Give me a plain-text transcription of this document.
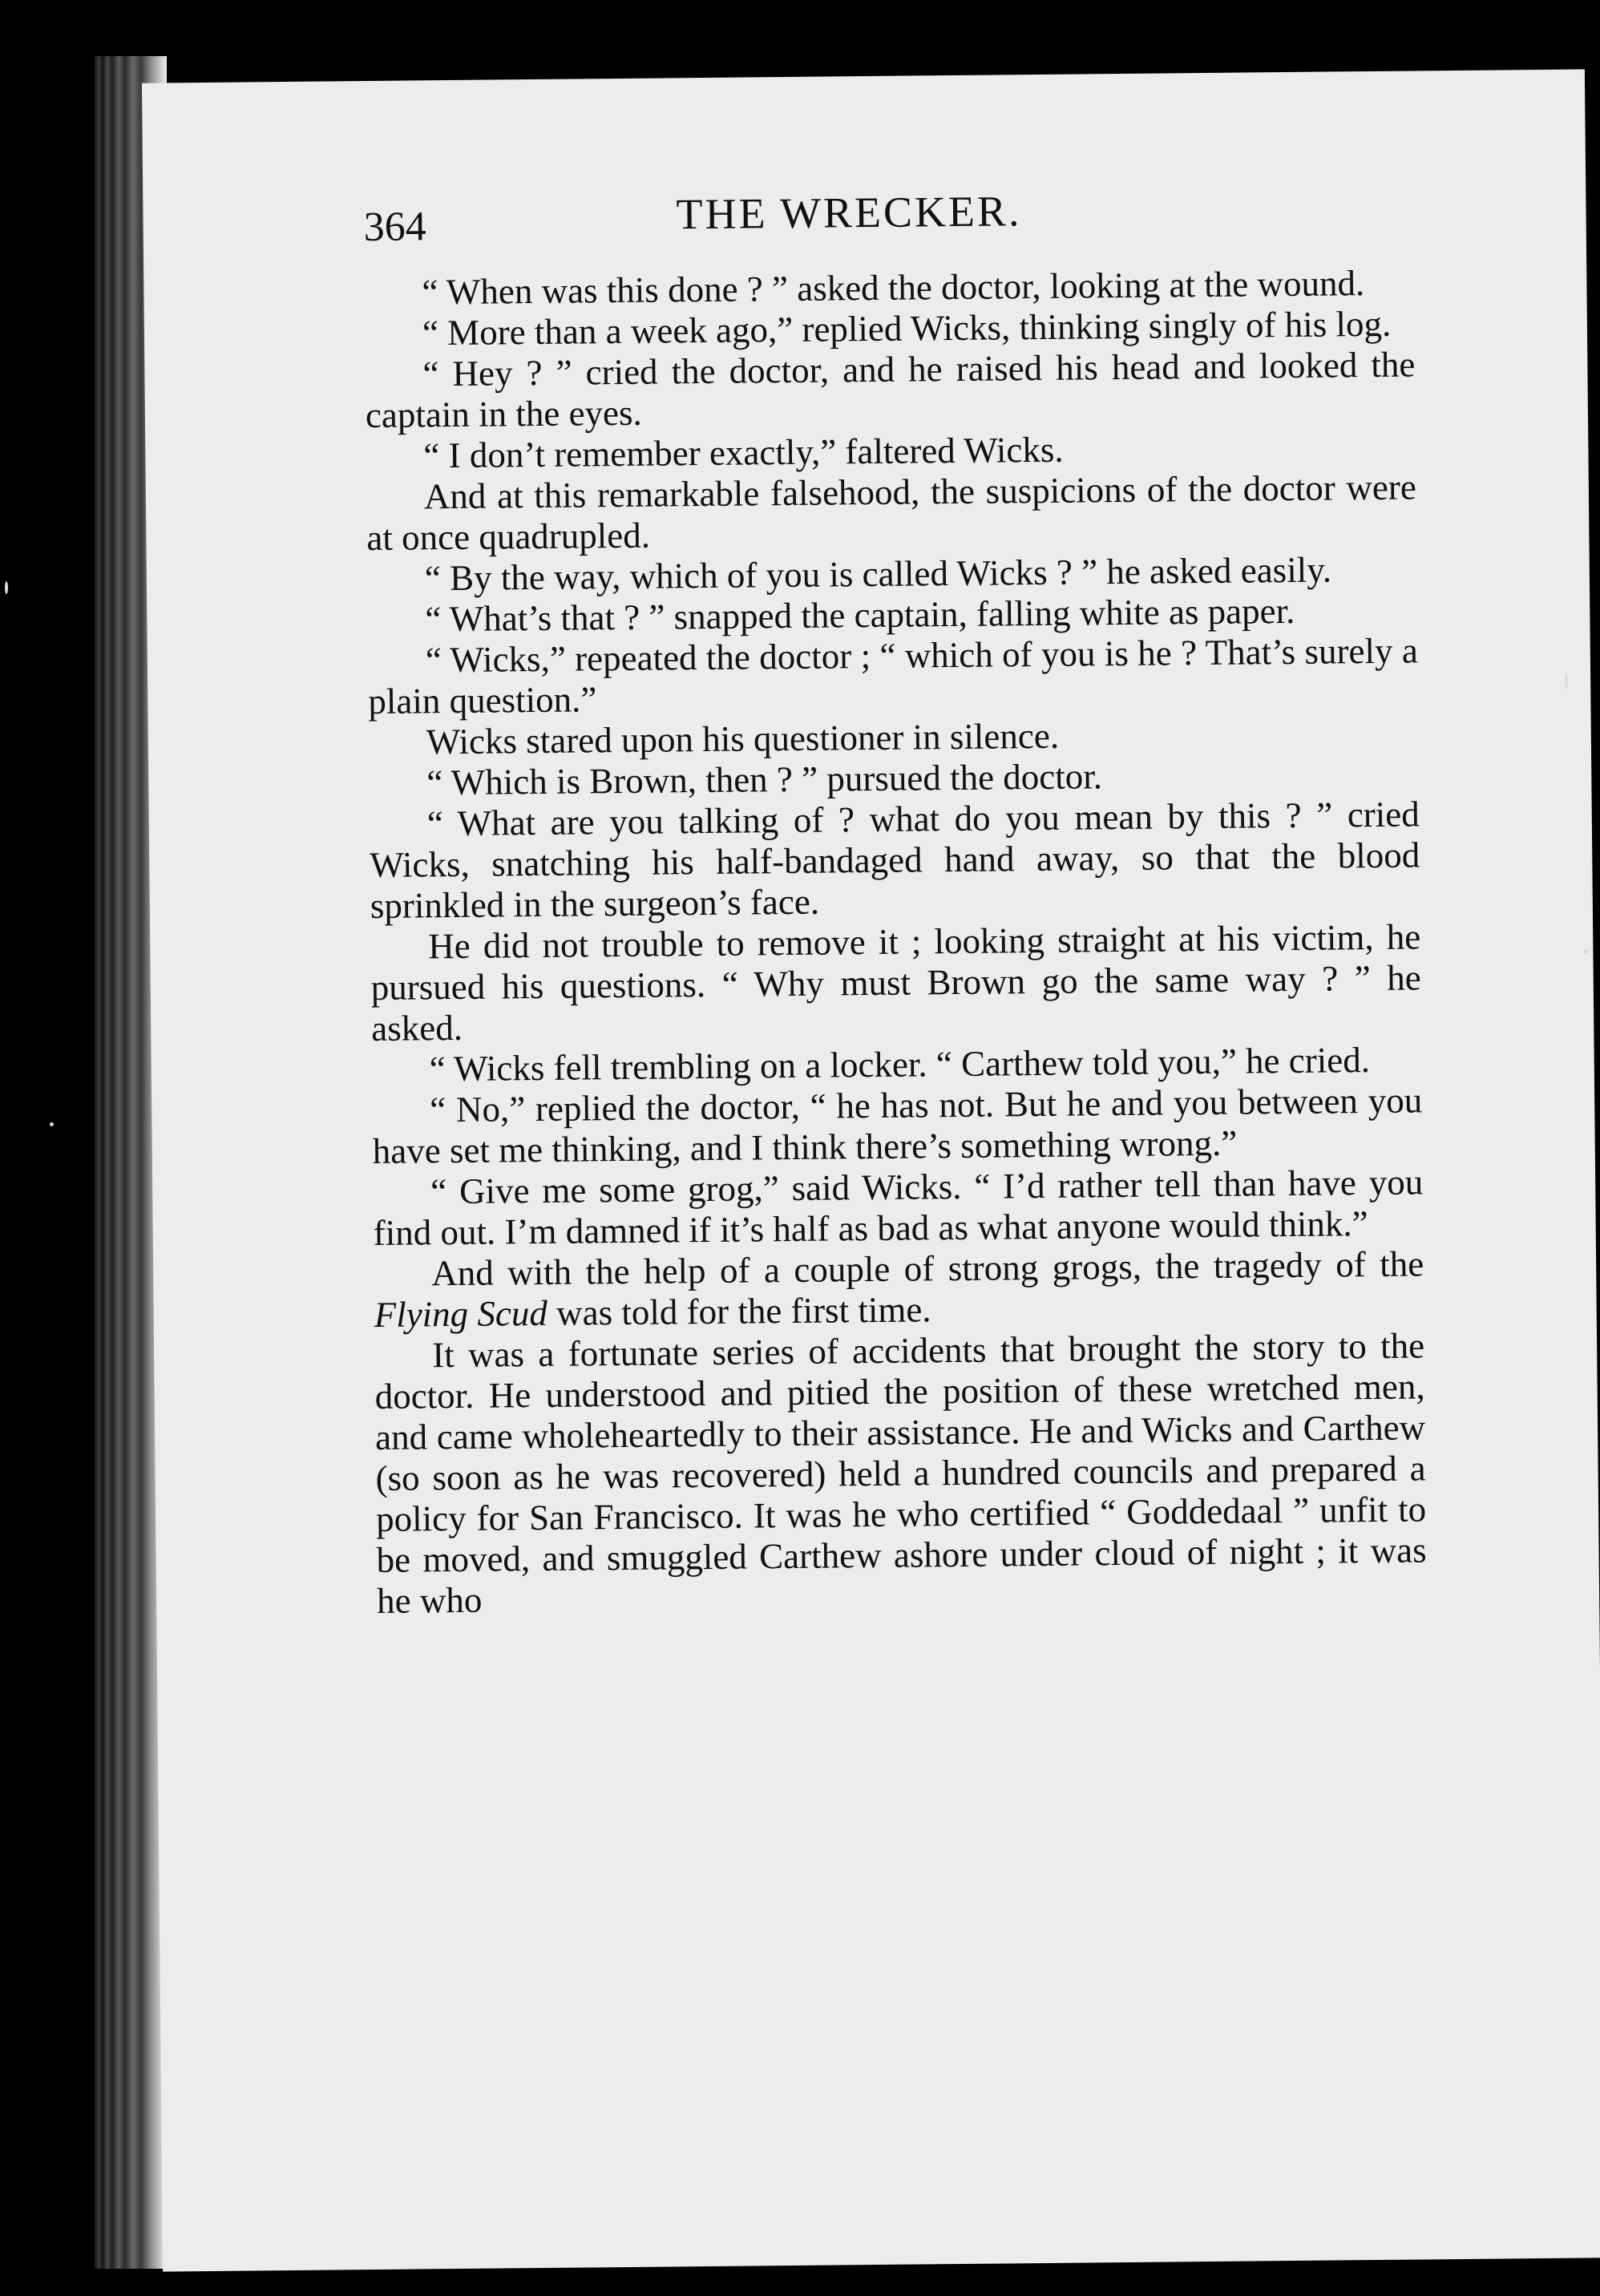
364	THE WRECKER.

“ When was this done ? ” asked the doctor, looking at the wound.

“ More than a week ago,” replied Wicks, thinking singly of his log.

“ Hey ? ” cried the doctor, and he raised his head and looked the captain in the eyes.

“ I don’t remember exactly,” faltered Wicks.

And at this remarkable falsehood, the suspicions of the doctor were at once quadrupled.

“ By the way, which of you is called Wicks ? ” he asked easily.

“ What’s that ? ” snapped the captain, falling white as paper.

“ Wicks,” repeated the doctor ; “ which of you is he ? That’s surely a plain question.”

Wicks stared upon his questioner in silence.

“ Which is Brown, then ? ” pursued the doctor.

“ What are you talking of ? what do you mean by this ? ” cried Wicks, snatching his half-bandaged hand away, so that the blood sprinkled in the surgeon’s face.

He did not trouble to remove it ; looking straight at his victim, he pursued his questions. “ Why must Brown go the same way ? ” he asked.

“ Wicks fell trembling on a locker. “ Carthew told you,” he cried.

“ No,” replied the doctor, “ he has not. But he and you between you have set me thinking, and I think there’s something wrong.”

“ Give me some grog,” said Wicks. “ I’d rather tell than have you find out. I’m damned if it’s half as bad as what anyone would think.”

And with the help of a couple of strong grogs, the tragedy of the Flying Scud was told for the first time.

It was a fortunate series of accidents that brought the story to the doctor. He understood and pitied the position of these wretched men, and came wholeheartedly to their assistance. He and Wicks and Carthew (so soon as he was recovered) held a hundred councils and prepared a policy for San Francisco. It was he who certified “ Goddedaal ” unfit to be moved, and smuggled Carthew ashore under cloud of night ; it was he who
